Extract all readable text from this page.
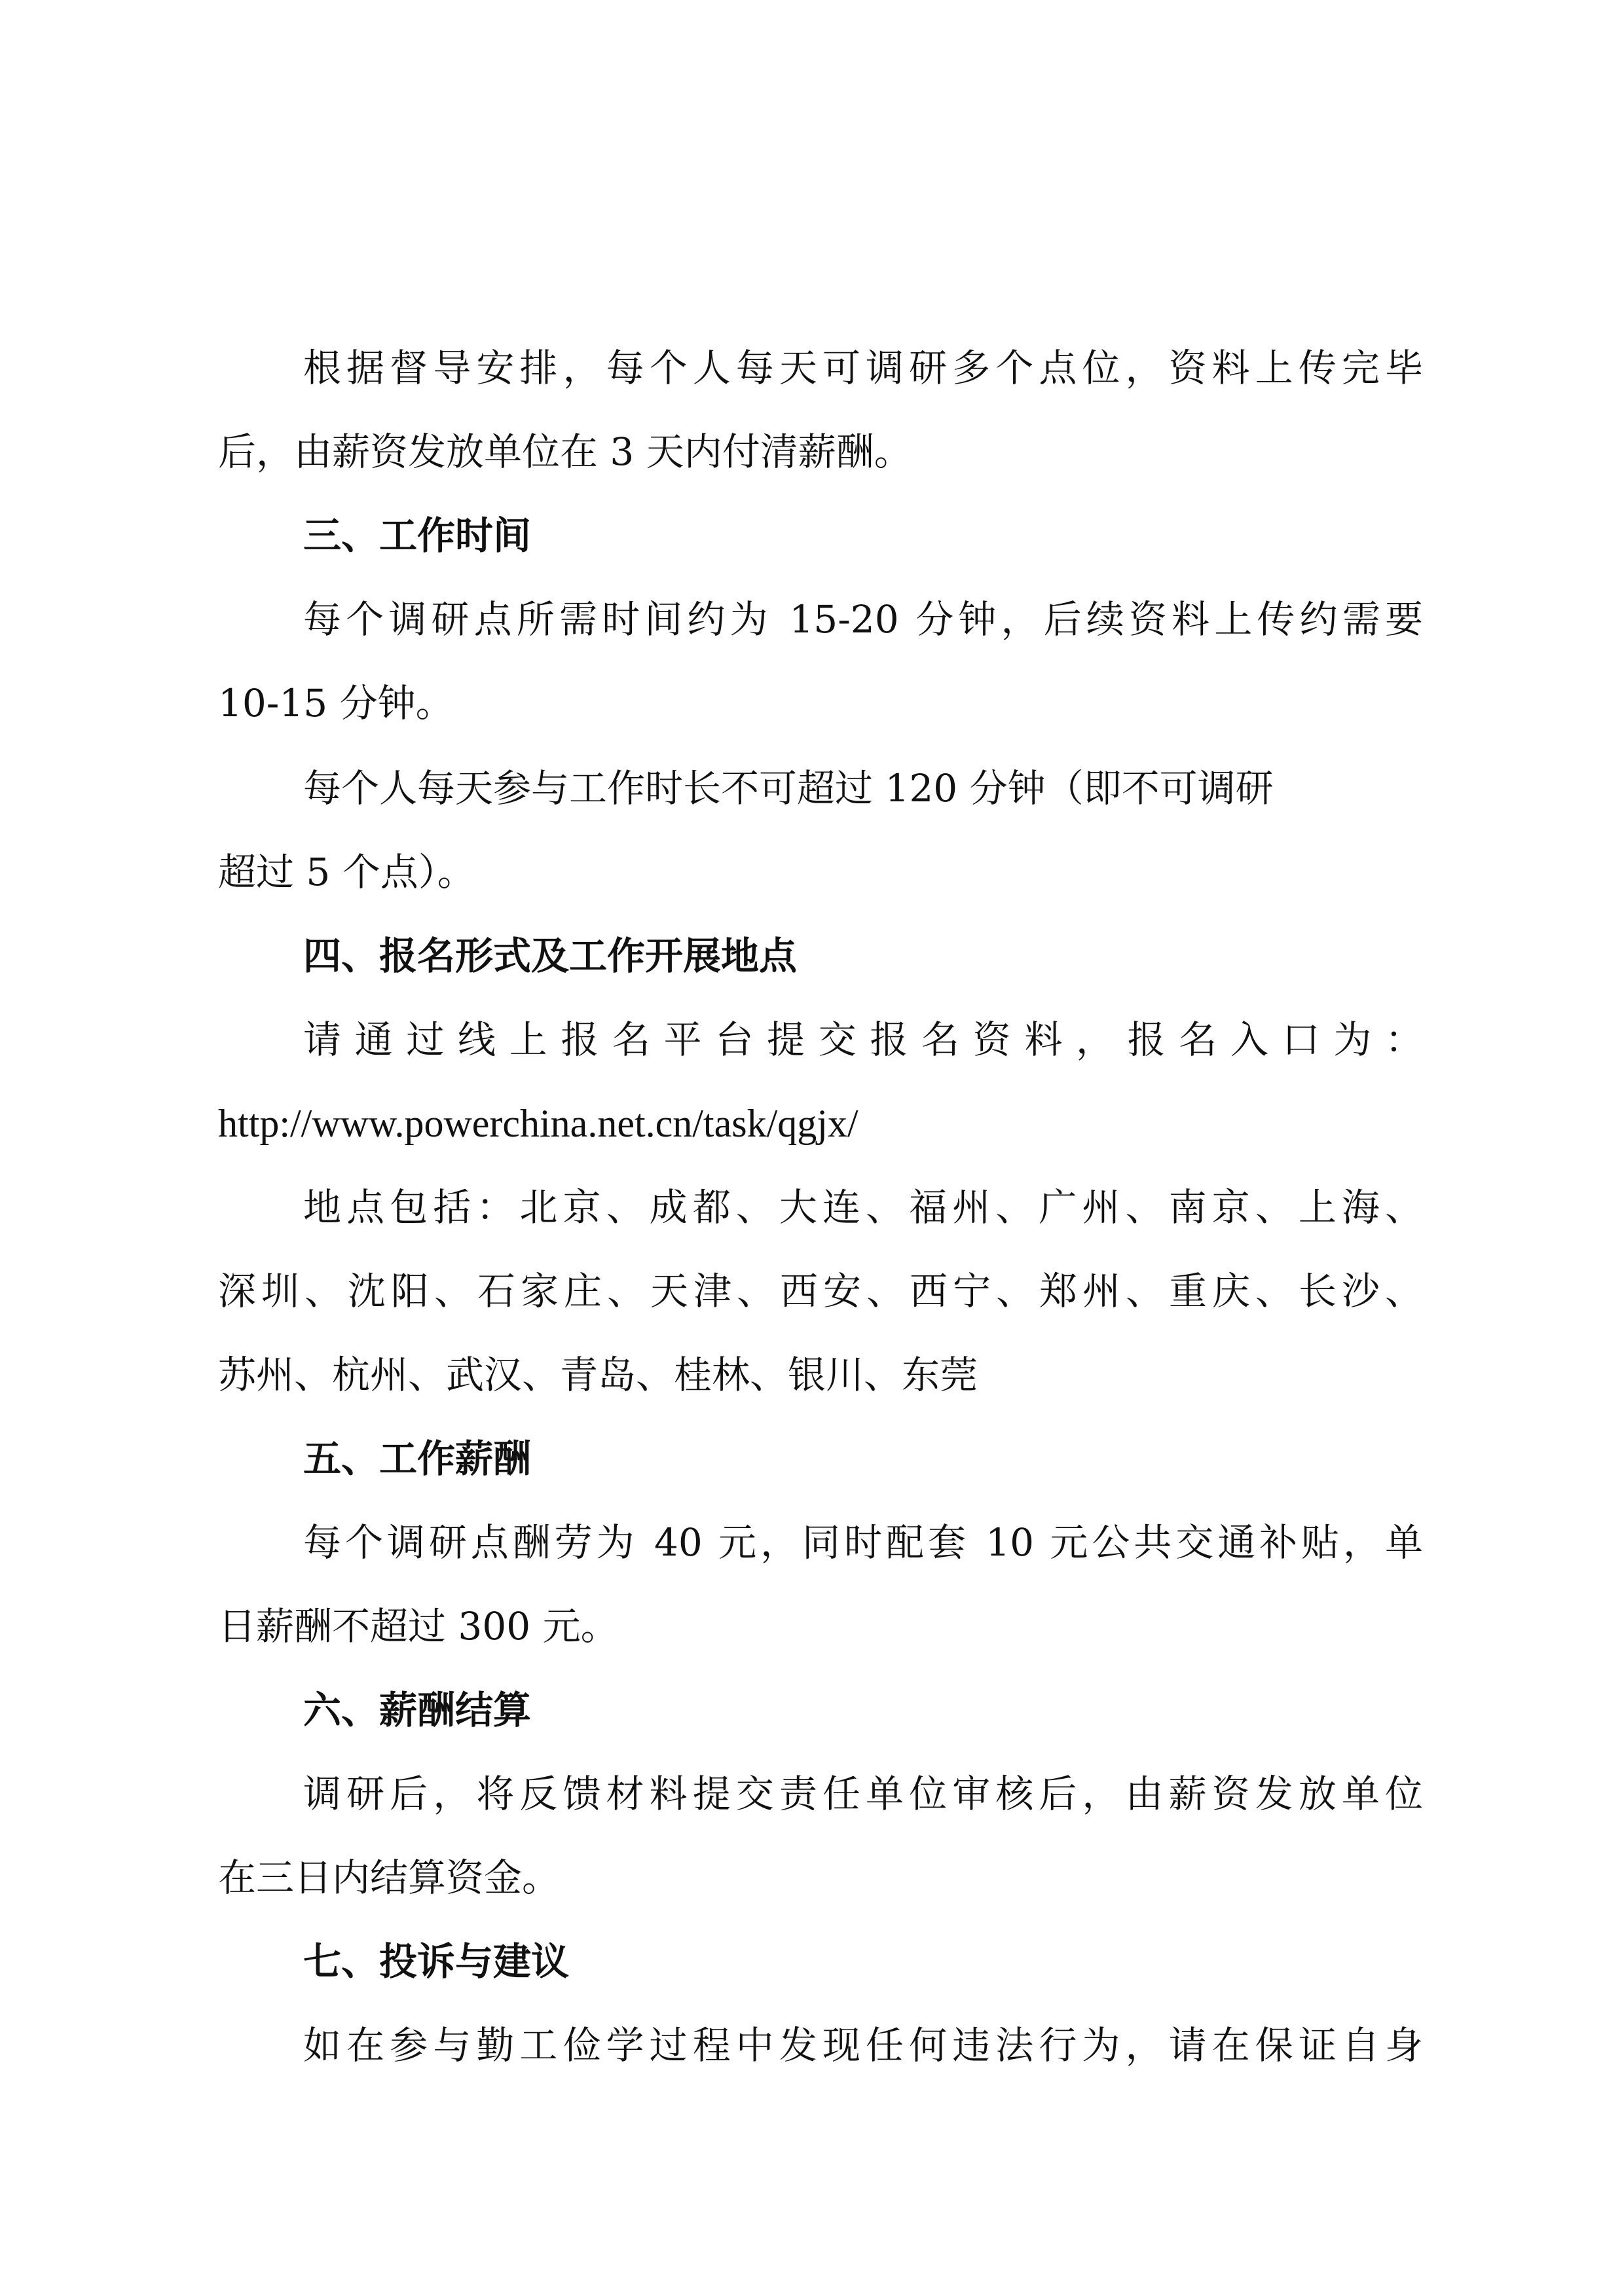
根据督导安排，每个人每天可调研多个点位，资料上传完毕
后，由薪资发放单位在 3 天内付清薪酬。
三、工作时间
每个调研点所需时间约为 15-20 分钟，后续资料上传约需要
10-15 分钟。
每个人每天参与工作时长不可超过 120 分钟（即不可调研
超过 5 个点）。
四、报名形式及工作开展地点
请通过线上报名平台提交报名资料，报名入口为：
http://www.powerchina.net.cn/task/qgjx/
地点包括：北京、成都、大连、福州、广州、南京、上海、
深圳、沈阳、石家庄、天津、西安、西宁、郑州、重庆、长沙、
苏州、杭州、武汉、青岛、桂林、银川、东莞
五、工作薪酬
每个调研点酬劳为 40 元，同时配套 10 元公共交通补贴，单
日薪酬不超过 300 元。
六、薪酬结算
调研后，将反馈材料提交责任单位审核后，由薪资发放单位
在三日内结算资金。
七、投诉与建议
如在参与勤工俭学过程中发现任何违法行为，请在保证自身
